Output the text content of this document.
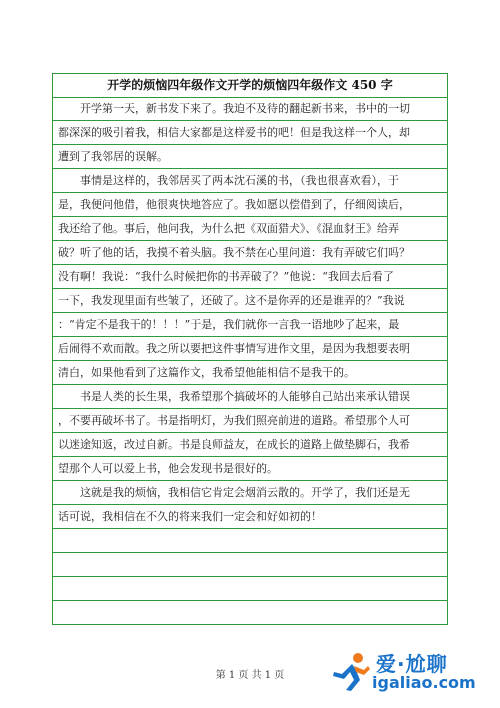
开学的烦恼四年级作文开学的烦恼四年级作文 450 字
开学第一天，新书发下来了。我迫不及待的翻起新书来，书中的一切
都深深的吸引着我，相信大家都是这样爱书的吧！但是我这样一个人，却
遭到了我邻居的误解。
事情是这样的，我邻居买了两本沈石溪的书，（我也很喜欢看），于
是，我便问他借，他很爽快地答应了。我如愿以偿借到了，仔细阅读后，
我还给了他。事后，他问我，为什么把《双面猎犬》、《混血豺王》给弄
破？听了他的话，我摸不着头脑。我不禁在心里问道：我有弄破它们吗？
没有啊！我说：“我什么时候把你的书弄破了？”他说：“我回去后看了
一下，我发现里面有些皱了，还破了。这不是你弄的还是谁弄的？”我说
：“肯定不是我干的！！！”于是，我们就你一言我一语地吵了起来，最
后闹得不欢而散。我之所以要把这件事情写进作文里，是因为我想要表明
清白，如果他看到了这篇作文，我希望他能相信不是我干的。
书是人类的长生果，我希望那个搞破坏的人能够自己站出来承认错误
，不要再破坏书了。书是指明灯，为我们照亮前进的道路。希望那个人可
以迷途知返，改过自新。书是良师益友，在成长的道路上做垫脚石，我希
望那个人可以爱上书，他会发现书是很好的。
这就是我的烦恼，我相信它肯定会烟消云散的。开学了，我们还是无
话可说，我相信在不久的将来我们一定会和好如初的！
第 1 页 共 1 页	爱·尬聊
igaliao.com
